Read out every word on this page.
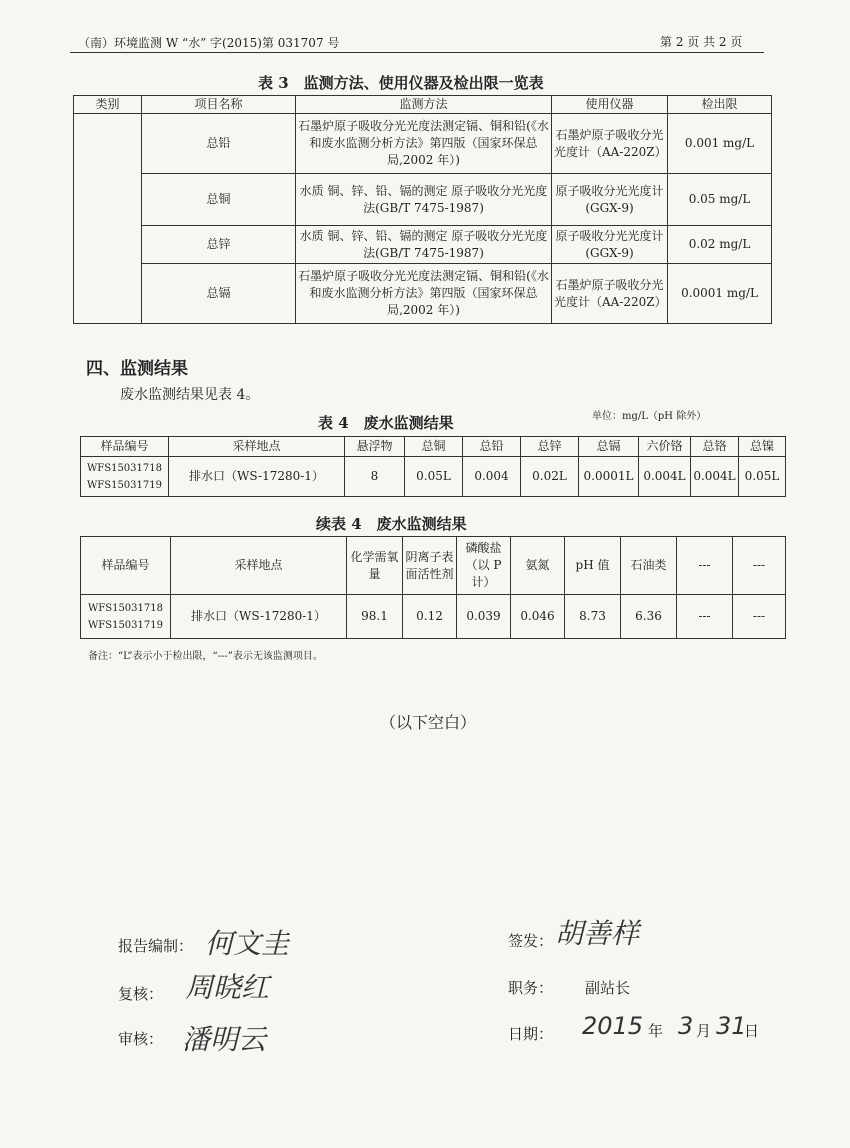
（南）环境监测 W “水” 字(2015)第 031707 号	第 2 页 共 2 页
表 3　监测方法、使用仪器及检出限一览表
类别	项目名称	监测方法	使用仪器	检出限
	总铅	石墨炉原子吸收分光光度法测定镉、铜和铅(《水和废水监测分析方法》第四版（国家环保总局,2002 年）)	石墨炉原子吸收分光光度计（AA-220Z）	0.001 mg/L
	总铜	水质 铜、锌、铅、镉的测定 原子吸收分光光度法(GB/T 7475-1987)	原子吸收分光光度计(GGX-9)	0.05 mg/L
	总锌	水质 铜、锌、铅、镉的测定 原子吸收分光光度法(GB/T 7475-1987)	原子吸收分光光度计(GGX-9)	0.02 mg/L
	总镉	石墨炉原子吸收分光光度法测定镉、铜和铅(《水和废水监测分析方法》第四版（国家环保总局,2002 年）)	石墨炉原子吸收分光光度计（AA-220Z）	0.0001 mg/L
四、监测结果
废水监测结果见表 4。
表 4　废水监测结果	单位：mg/L（pH 除外）
样品编号	采样地点	悬浮物	总铜	总铅	总锌	总镉	六价铬	总铬	总镍

WFS15031718
WFS15031719	排水口（WS-17280-1）	8	0.05L	0.004	0.02L	0.0001L	0.004L	0.004L	0.05L
续表 4　废水监测结果
样品编号	采样地点	化学需氧量	阴离子表面活性剂	磷酸盐（以 P 计）	氨氮	pH 值	石油类	---	---

WFS15031718
WFS15031719	排水口（WS-17280-1）	98.1	0.12	0.039	0.046	8.73	6.36	---	---
备注：“L”表示小于检出限，“---”表示无该监测项目。
（以下空白）
报告编制： 何文圭
复核： 周晓红
审核： 潘明云
签发： 胡善样
职务： 副站长
日期： 2015 年 3 月 31
日
